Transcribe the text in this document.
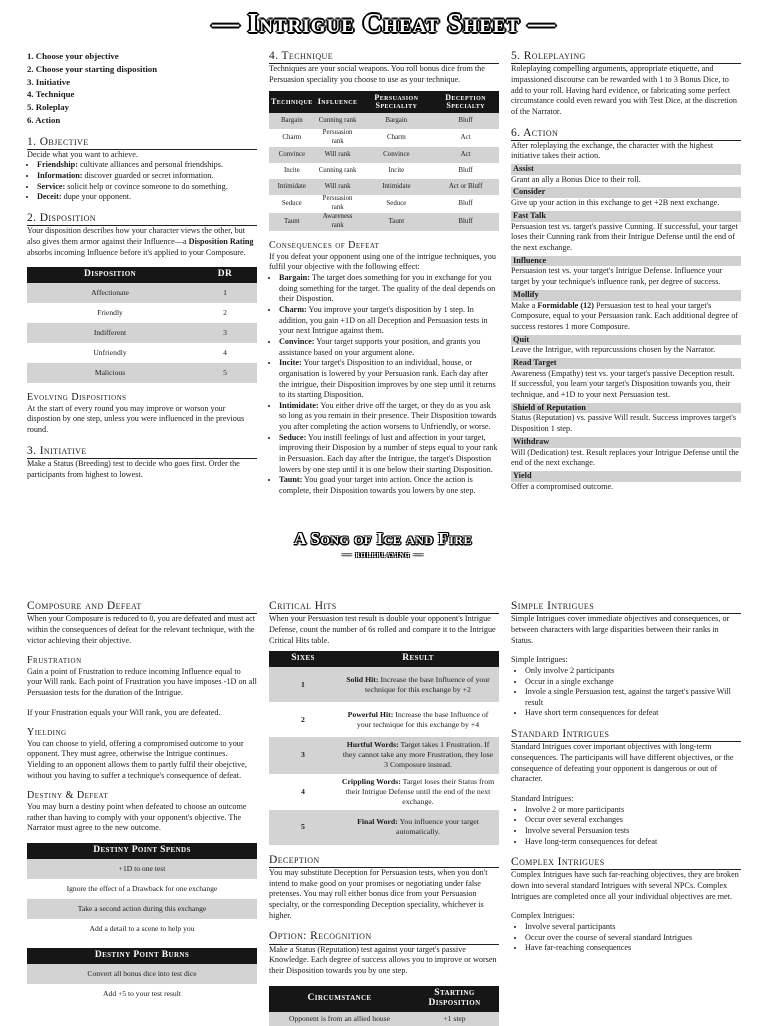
— Intrigue Cheat Sheet —
1. Choose your objective
2. Choose your starting disposition
3. Initiative
4. Technique
5. Roleplay
6. Action
1. Objective

Decide what you want to achieve.

• Friendship: cultivate alliances and personal friendships.
• Information: discover guarded or secret information.
• Service: solicit help or covince someone to do something.
• Deceit: dupe your opponent.
2. Disposition

Your disposition describes how your character views the other, but also gives them armor against their Influence—a Disposition Rating absorbs incoming Influence before it's applied to your Composure.

Disposition	DR
Affectionate	1
Friendly	2
Indifferent	3
Unfriendly	4
Malicious	5
Evolving Dispositions

At the start of every round you may improve or worson your dispostion by one step, unless you were influenced in the previous round.

3. Initiative

Make a Status (Breeding) test to decide who goes first. Order the participants from highest to lowest.

4. Technique

Techniques are your social weapons. You roll bonus dice from the Persuasion speciality you choose to use as your technique.

Technique	Influence	Persuasion Speciality	Deception Specialty
Bargain	Cunning rank	Bargain	Bluff
Charm	Persuasion rank	Charm	Act
Convince	Will rank	Convince	Act
Incite	Cunning rank	Incite	Bluff
Intimidate	Will rank	Intimidate	Act or Bluff
Seduce	Persuasion rank	Seduce	Bluff
Taunt	Awareness rank	Taunt	Bluff
Consequences of Defeat

If you defeat your opponent using one of the intrigue techniques, you fulfil your objective with the following effect:

• Bargain: The target does something for you in exchange for you doing something for the target. The quality of the deal depends on their Dispostion.
• Charm: You improve your target's disposition by 1 step. In addition, you gain +1D on all Deception and Persuasion tests in your next Intrigue against them.
• Convince: Your target supports your position, and grants you assistance based on your argument alone.
• Incite: Your target's Disposition to an individual, house, or organisation is lowered by your Persuasion rank. Each day after the intrigue, their Disposition improves by one step until it returns to its starting Disposition.
• Intimidate: You either drive off the target, or they do as you ask so long as you remain in their presence. Their Disposition towards you after completing the action worsens to Unfriendly, or worse.
• Seduce: You instill feelings of lust and affection in your target, improving their Disposion by a number of steps equal to your rank in Persuasion. Each day after the Intrigue, the target's Dispostion lowers by one step until it is one below their starting Disposition.
• Taunt: You goad your target into action. Once the action is complete, their Disposition towards you lowers by one step.
5. Roleplaying

Roleplaying compelling arguments, appropriate etiquette, and impassioned discourse can be rewarded with 1 to 3 Bonus Dice, to add to your roll. Having hard evidence, or fabricating some perfect circumstance could even reward you with Test Dice, at the discretion of the Narrator.

6. Action

After roleplaying the exchange, the character with the highest initiative takes their action.

Assist

Grant an ally a Bonus Dice to their roll.

Consider

Give up your action in this exchange to get +2B next exchange.

Fast Talk

Persuasion test vs. target's passive Cunning. If successful, your target loses their Cunning rank from their Intrigue Defense until the end of the next exchange.

Influence

Persuasion test vs. your target's Intrigue Defense. Influence your target by your technique's influence rank, per degree of success.

Mollify

Make a Formidable (12) Persuasion test to heal your target's Composure, equal to your Persuasion rank. Each additional degree of success restores 1 more Composure.

Quit

Leave the Intrigue, with repurcussions chosen by the Narrator.

Read Target

Awareness (Empathy) test vs. your target's passive Deception result. If successful, you learn your target's Disposition towards you, their technique, and +1D to your next Persuasion test.

Shield of Reputation

Status (Reputation) vs. passive Will result. Success improves target's Disposition 1 step.

Withdraw

Will (Dedication) test. Result replaces your Intrigue Defense until the end of the next exchange.

Yield

Offer a compromised outcome.

A Song of Ice and Fire
— roleplaying —
Composure and Defeat

When your Composure is reduced to 0, you are defeated and must act within the consequences of defeat for the relevant technique, with the victor achieving their objective.

Frustration

Gain a point of Frustration to reduce incoming Influence equal to your Will rank. Each point of Frustration you have imposes -1D on all Persuasion tests for the duration of the Intrigue.

If your Frustration equals your Will rank, you are defeated.

Yielding

You can choose to yield, offering a compromised outcome to your opponent. They must agree, otherwise the Intrigue continues. Yielding to an opponent allows them to partly fulfil their obejctive, without you having to suffer a technique's consequence of defeat.

Destiny & Defeat

You may burn a destiny point when defeated to choose an outcome rather than having to comply with your opponent's objective. The Narrator must agree to the new outcome.

Destiny Point Spends
+1D to one test
Ignore the effect of a Drawback for one exchange
Take a second action during this exchange
Add a detail to a scene to help you
Destiny Point Burns
Convert all bonus dice into test dice
Add +5 to your test result
Critical Hits

When your Persuasion test result is double your opponent's Intrigue Defense, count the number of 6s rolled and compare it to the Intrigue Critical Hits table.

Sixes	Result
1	Solid Hit: Increase the base Influence of your technique for this exchange by +2
2	Powerful Hit: Increase the base Influence of your technique for this exchange by +4
3	Hurtful Words: Target takes 1 Frustration. If they cannot take any more Frustration, they lose 3 Composure instead.
4	Crippling Words: Target loses their Status from their Intrigue Defense until the end of the next exchange.
5	Final Word: You influence your target automatically.
Deception

You may substitute Deception for Persuasion tests, when you don't intend to make good on your promises or negotiating under false pretenses. You may roll either bonus dice from your Persuasion specialty, or the corresponding Deception speciality, whichever is higher.

Option: Recognition

Make a Status (Reputation) test against your target's passive Knowledge. Each degree of success allows you to improve or worsen their Disposition towards you by one step.

Circumstance	Starting Disposition
Opponent is from an allied house	+1 step
Simple Intrigues

Simple Intrigues cover immediate objectives and consequences, or between characters with large disparities between their ranks in Status.

Simple Intrigues:

• Only involve 2 participants
• Occur in a single exchange
• Invole a single Persuasion test, against the target's passive Will result
• Have short term consequences for defeat
Standard Intrigues

Standard Intrigues cover important objectives with long-term consequences. The participants will have different objectives, or the consequence of defeating your opponent is dangerous or out of character.

Standard Intrigues:

• Involve 2 or more participants
• Occur over several exchanges
• Involve several Persuasion tests
• Have long-term consequences for defeat
Complex Intrigues

Complex Intrigues have such far-reaching objectives, they are broken down into several standard Intrigues with several NPCs. Complex Intrigues are completed once all your individual objectives are met.

Complex Intrigues:

• Involve several participants
• Occur over the course of several standard Intrigues
• Have far-reaching consequences
